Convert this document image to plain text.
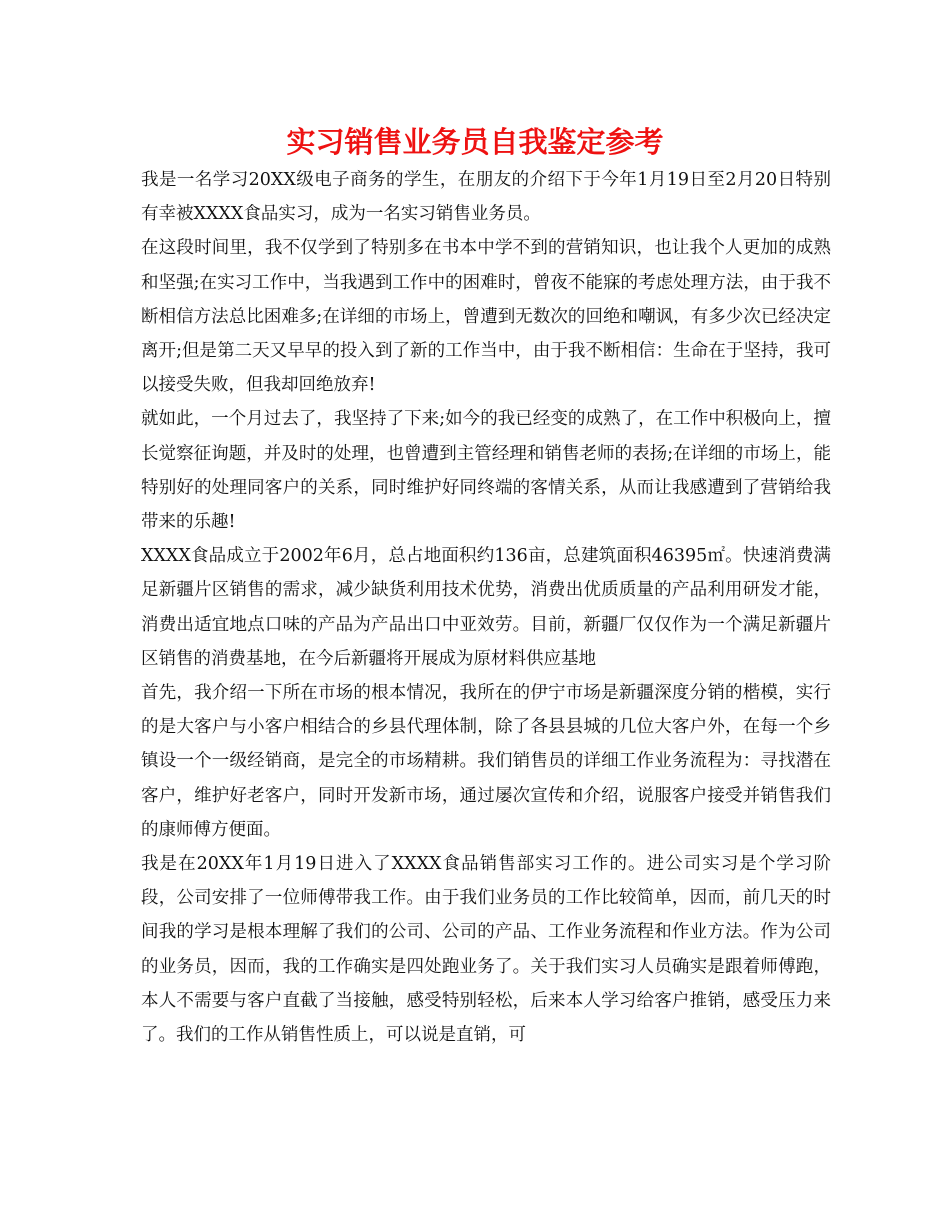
实习销售业务员自我鉴定参考

我是一名学习20XX级电子商务的学生，在朋友的介绍下于今年1月19日至2月20日特别有幸被XXXX食品实习，成为一名实习销售业务员。

在这段时间里，我不仅学到了特别多在书本中学不到的营销知识，也让我个人更加的成熟和坚强;在实习工作中，当我遇到工作中的困难时，曾夜不能寐的考虑处理方法，由于我不断相信方法总比困难多;在详细的市场上，曾遭到无数次的回绝和嘲讽，有多少次已经决定离开;但是第二天又早早的投入到了新的工作当中，由于我不断相信：生命在于坚持，我可以接受失败，但我却回绝放弃!

就如此，一个月过去了，我坚持了下来;如今的我已经变的成熟了，在工作中积极向上，擅长觉察征询题，并及时的处理，也曾遭到主管经理和销售老师的表扬;在详细的市场上，能特别好的处理同客户的关系，同时维护好同终端的客情关系，从而让我感遭到了营销给我带来的乐趣!

XXXX食品成立于2002年6月，总占地面积约136亩，总建筑面积46395㎡。快速消费满足新疆片区销售的需求，减少缺货利用技术优势，消费出优质质量的产品利用研发才能，消费出适宜地点口味的产品为产品出口中亚效劳。目前，新疆厂仅仅作为一个满足新疆片区销售的消费基地，在今后新疆将开展成为原材料供应基地

首先，我介绍一下所在市场的根本情况，我所在的伊宁市场是新疆深度分销的楷模，实行的是大客户与小客户相结合的乡县代理体制，除了各县县城的几位大客户外，在每一个乡镇设一个一级经销商，是完全的市场精耕。我们销售员的详细工作业务流程为：寻找潜在客户，维护好老客户，同时开发新市场，通过屡次宣传和介绍，说服客户接受并销售我们的康师傅方便面。

我是在20XX年1月19日进入了XXXX食品销售部实习工作的。进公司实习是个学习阶段，公司安排了一位师傅带我工作。由于我们业务员的工作比较简单，因而，前几天的时间我的学习是根本理解了我们的公司、公司的产品、工作业务流程和作业方法。作为公司的业务员，因而，我的工作确实是四处跑业务了。关于我们实习人员确实是跟着师傅跑，本人不需要与客户直截了当接触，感受特别轻松，后来本人学习给客户推销，感受压力来了。我们的工作从销售性质上，可以说是直销，可
